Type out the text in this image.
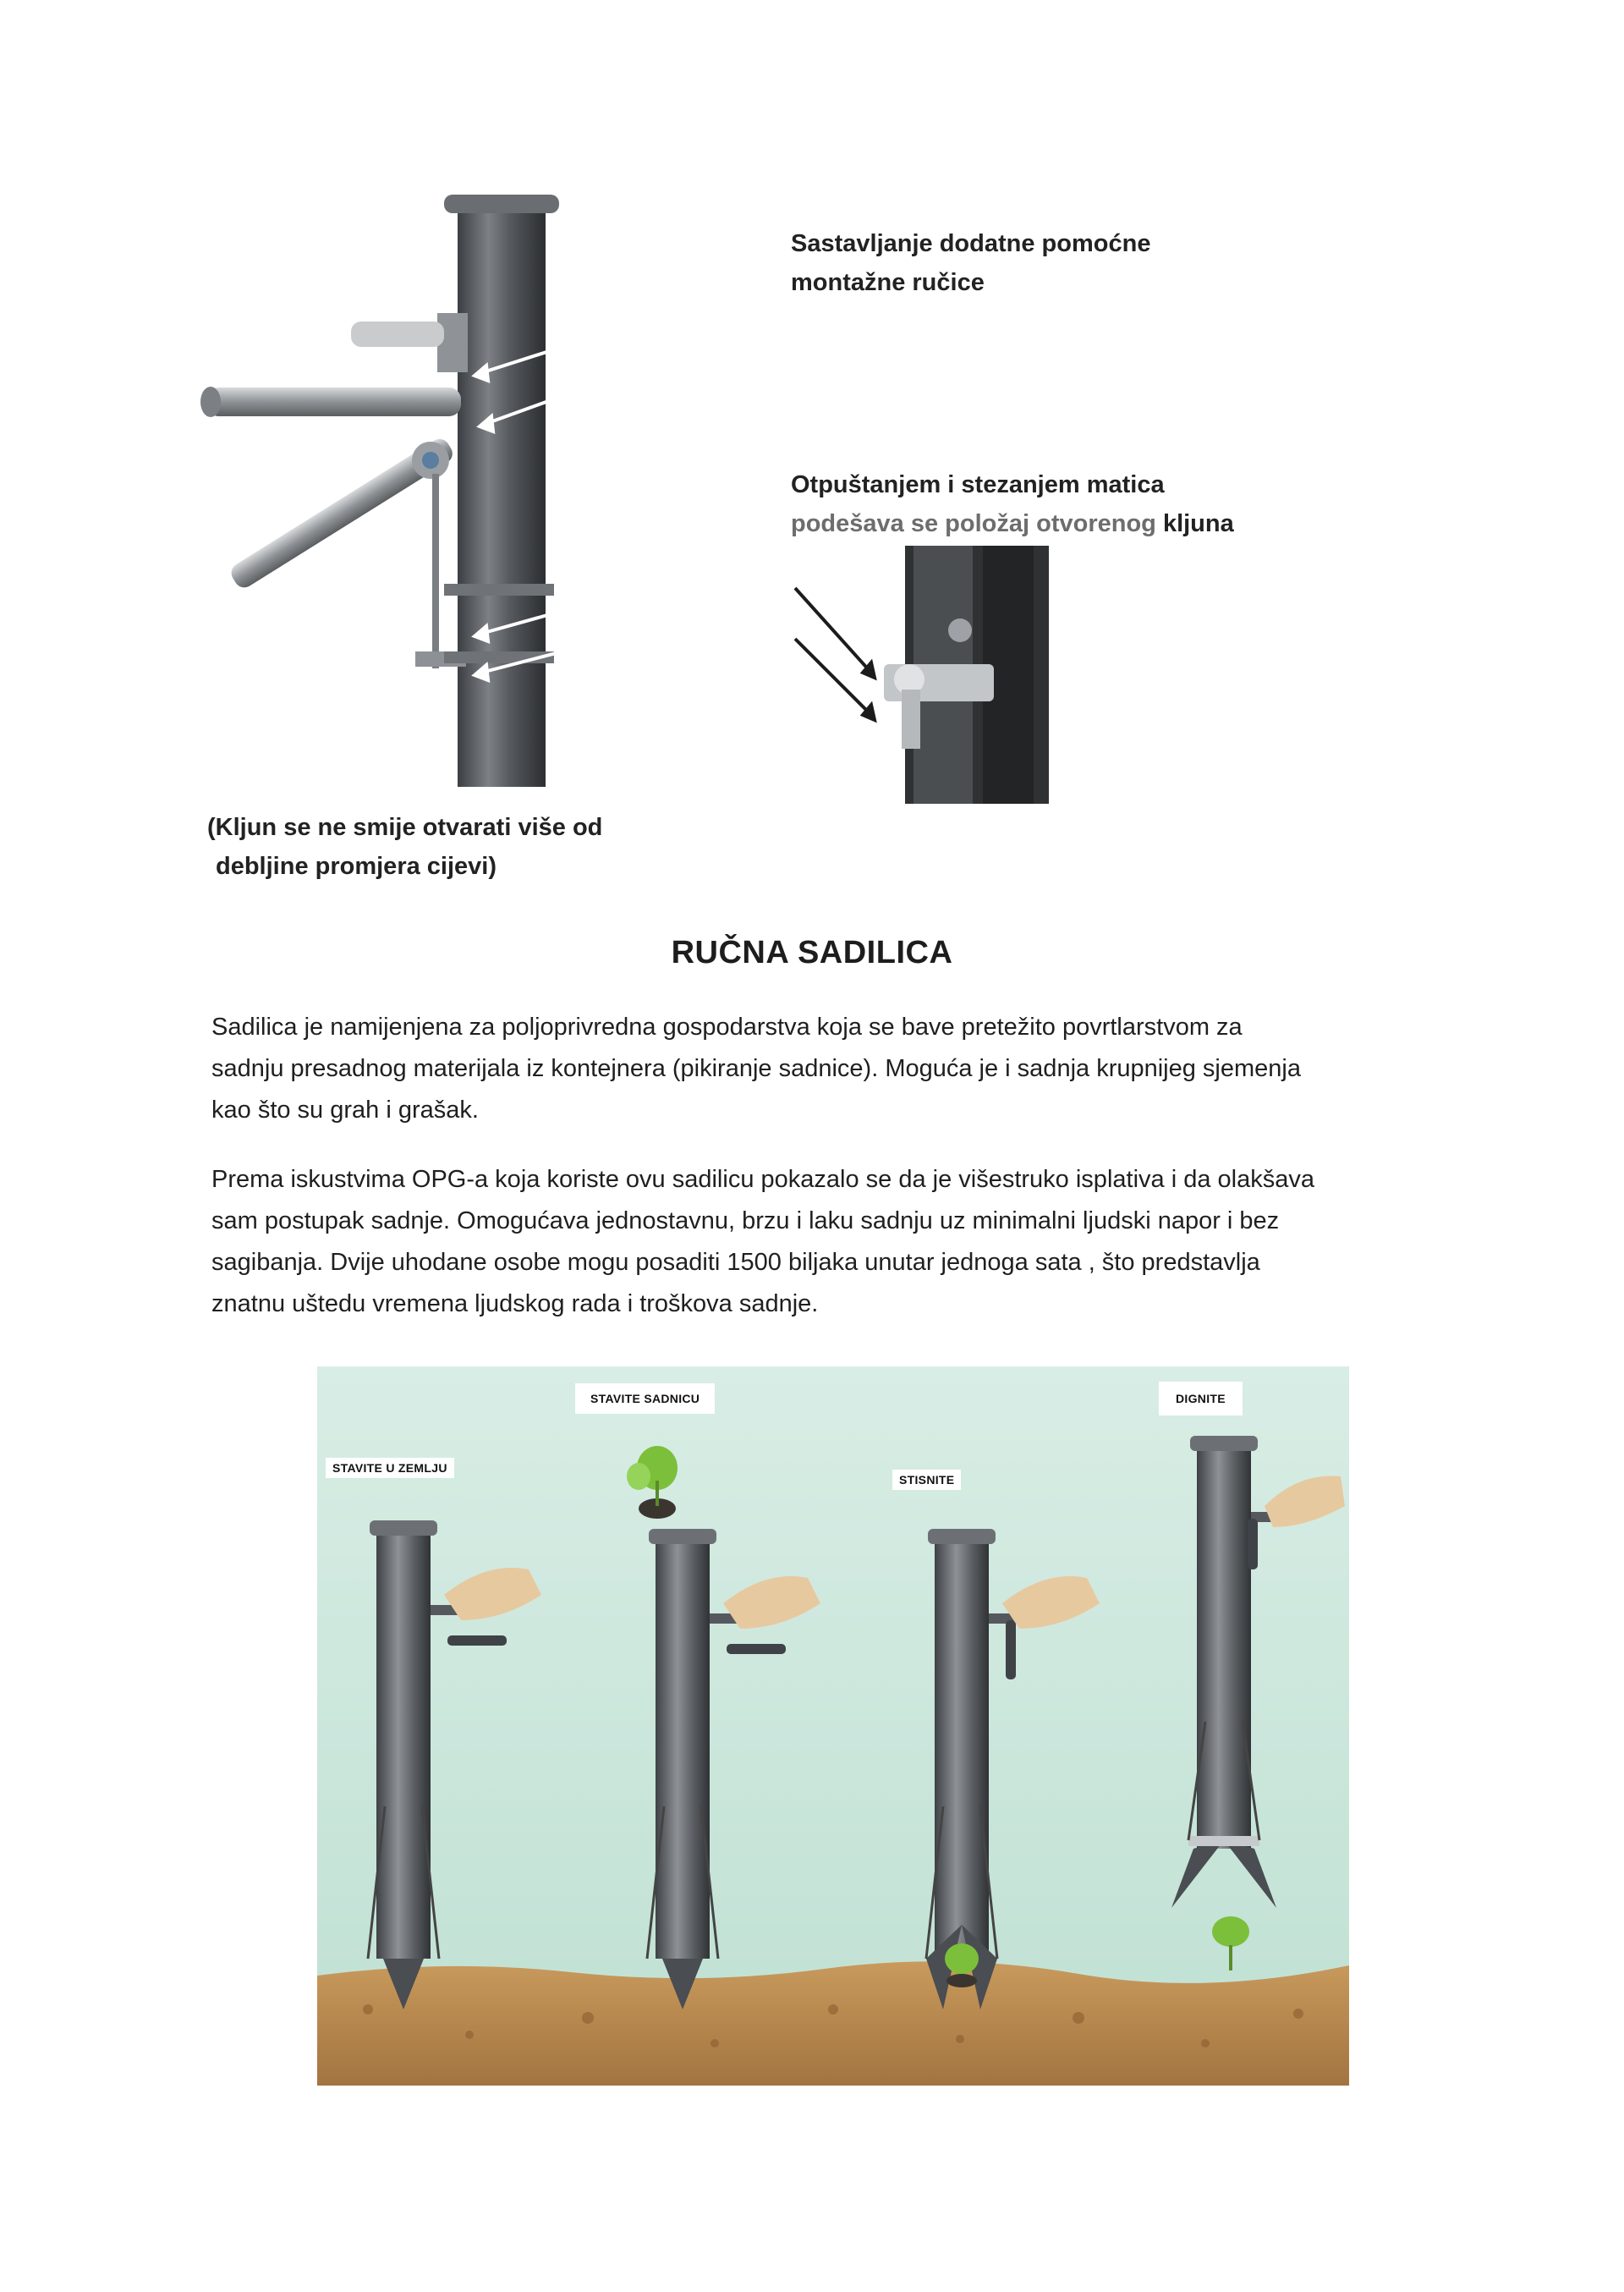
Sastavljanje dodatne pomoćne
montažne ručice
Otpuštanjem i stezanjem matica
podešava se položaj otvorenog kljuna
(Kljun se ne smije otvarati više od
debljine promjera cijevi)
RUČNA SADILICA
Sadilica je namijenjena za poljoprivredna gospodarstva koja se bave pretežito povrtlarstvom za
sadnju presadnog materijala iz kontejnera (pikiranje sadnice). Moguća je i sadnja krupnijeg sjemenja
kao što su grah i grašak.
Prema iskustvima OPG-a koja koriste ovu sadilicu pokazalo se da je višestruko isplativa i da olakšava
sam postupak sadnje. Omogućava jednostavnu, brzu i laku sadnju uz minimalni ljudski napor i bez
sagibanja. Dvije uhodane osobe mogu posaditi 1500 biljaka unutar jednoga sata , što predstavlja
znatnu uštedu vremena ljudskog rada i troškova sadnje.
STAVITE U ZEMLJU
STAVITE SADNICU
STISNITE
DIGNITE
